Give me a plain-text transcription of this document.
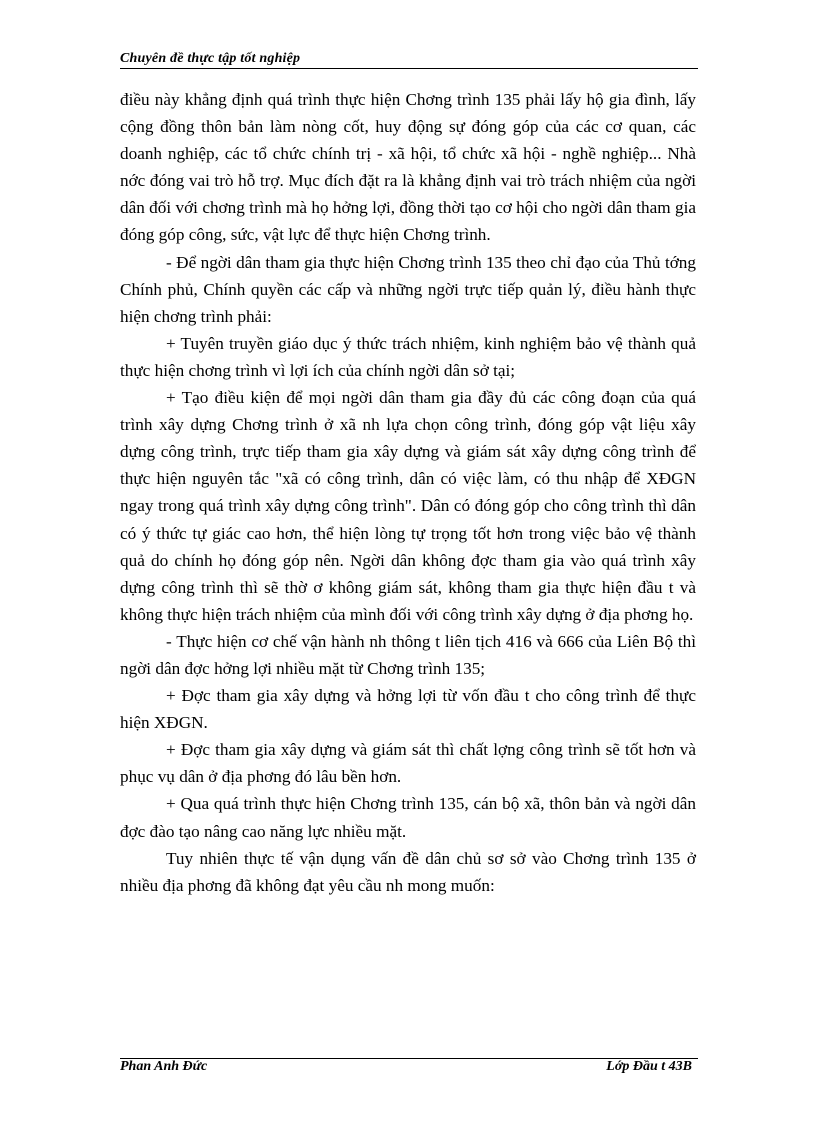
Chuyên đề thực tập tốt nghiệp

điều này khẳng định quá trình thực hiện Chơng trình 135 phải lấy hộ gia đình, lấy cộng đồng thôn bản làm nòng cốt, huy động sự đóng góp của các cơ quan, các doanh nghiệp, các tổ chức chính trị - xã hội, tổ chức xã hội - nghề nghiệp... Nhà nớc đóng vai trò hỗ trợ. Mục đích đặt ra là khẳng định vai trò trách nhiệm của ngời dân đối với chơng trình mà họ hởng lợi, đồng thời tạo cơ hội cho ngời dân tham gia đóng góp công, sức, vật lực để thực hiện Chơng trình.

- Để ngời dân tham gia thực hiện Chơng trình 135 theo chỉ đạo của Thủ tớng Chính phủ, Chính quyền các cấp và những ngời trực tiếp quản lý, điều hành thực hiện chơng trình phải:

+ Tuyên truyền giáo dục ý thức trách nhiệm, kinh nghiệm bảo vệ thành quả thực hiện chơng trình vì lợi ích của chính ngời dân sở tại;

+ Tạo điều kiện để mọi ngời dân tham gia đầy đủ các công đoạn của quá trình xây dựng Chơng trình ở xã nh lựa chọn công trình, đóng góp vật liệu xây dựng công trình, trực tiếp tham gia xây dựng và giám sát xây dựng công trình để thực hiện nguyên tắc "xã có công trình, dân có việc làm, có thu nhập để XĐGN ngay trong quá trình xây dựng công trình". Dân có đóng góp cho công trình thì dân có ý thức tự giác cao hơn, thể hiện lòng tự trọng tốt hơn trong việc bảo vệ thành quả do chính họ đóng góp nên. Ngời dân không đợc tham gia vào quá trình xây dựng công trình thì sẽ thờ ơ không giám sát, không tham gia thực hiện đầu t và không thực hiện trách nhiệm của mình đối với công trình xây dựng ở địa phơng họ.

- Thực hiện cơ chế vận hành nh thông t liên tịch 416 và 666 của Liên Bộ thì ngời dân đợc hởng lợi nhiều mặt từ Chơng trình 135;

+ Đợc tham gia xây dựng và hởng lợi từ vốn đầu t cho công trình để thực hiện XĐGN.

+ Đợc tham gia xây dựng và giám sát thì chất lợng công trình sẽ tốt hơn và phục vụ dân ở địa phơng đó lâu bền hơn.

+ Qua quá trình thực hiện Chơng trình 135, cán bộ xã, thôn bản và ngời dân đợc đào tạo nâng cao năng lực nhiều mặt.

Tuy nhiên thực tế vận dụng vấn đề dân chủ sơ sở vào Chơng trình 135 ở nhiều địa phơng đã không đạt yêu cầu nh mong muốn:

Phan Anh Đức	Lớp Đầu t 43B
